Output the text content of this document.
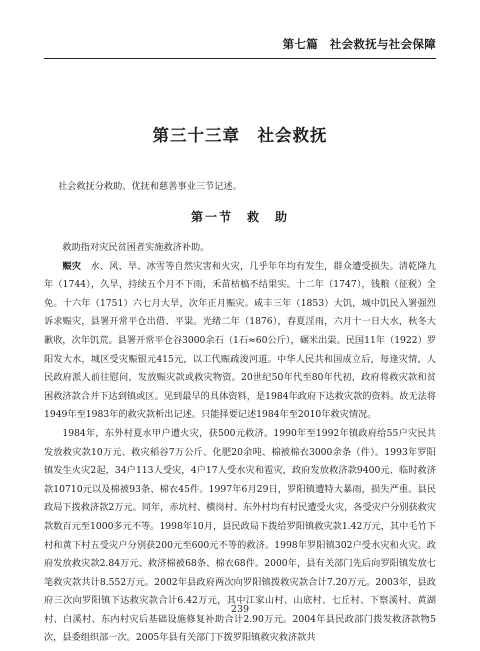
第七篇　社会救抚与社会保障
第三十三章　社会救抚
社会救抚分救助、优抚和慈善事业三节记述。
第一节　救　助

救助指对灾民贫困者实施救济补助。

赈灾　水、风、旱、冰雪等自然灾害和火灾，几乎年年均有发生，群众遭受损失。清乾隆九年（1744），久旱，持续五个月不下雨，禾苗枯槁不结果实。十二年（1747），钱粮（征税）全免。十六年（1751）六七月大旱，次年正月赈灾。咸丰三年（1853）大饥，城中饥民入署强烈诉求赈灾，县署开常平仓出借、平粜。光绪二年（1876），春夏淫雨，六月十一日大水，秋冬大歉收，次年饥荒。县署开常平仓谷3000余石（1石≈60公斤），碾米出粜。民国11年（1922）罗阳发大水，城区受灾赈银元415元，以工代赈疏浚河道。中华人民共和国成立后，每逢灾情，人民政府派人前往慰问，发放赈灾款或救灾物资。20世纪50年代至80年代初，政府将救灾款和贫困救济款合并下达到镇或区。见到最早的具体资料，是1984年政府下达救灾款的资料。故无法将1949年至1983年的救灾款析出记述。只能择要记述1984年至2010年救灾情况。

1984年，东外村夏水甲户遭火灾，获500元救济。1990年至1992年镇政府给55户灾民共发放救灾款10万元、救灾稻谷7万公斤、化肥20余吨、棉被棉衣3000余条（件）。1993年罗阳镇发生火灾2起，34户113人受灾，4户17人受水灾和雹灾，政府发放救济款9400元、临时救济款10710元以及棉被93条、棉衣45件。1997年6月29日，罗阳镇遭特大暴雨，损失严重。县民政局下拨救济款2万元。同年，赤坑村、横岗村、东外村均有村民遭受火灾，各受灾户分别获救灾款数百元至1000多元不等。1998年10月，县民政局下拨给罗阳镇救灾款1.42万元，其中毛竹下村和黄下村五受灾户分别获200元至600元不等的救济。1998年罗阳镇302户受水灾和火灾。政府发放救灾款2.84万元、救济棉被68条、棉衣68件。2000年，县有关部门先后向罗阳镇发放七笔救灾款共计8.552万元。2002年县政府两次向罗阳镇拨救灾款合计7.20万元。2003年，县政府三次向罗阳镇下达救灾款合计6.42万元，其中江家山村、山底村、七丘村、下察溪村、黄湖村、白溪村、东内村灾后基础设施修复补助合计2.90万元。2004年县民政部门拨发救济款物5次，县委组织部一次。2005年县有关部门下拨罗阳镇救灾救济款共

239
